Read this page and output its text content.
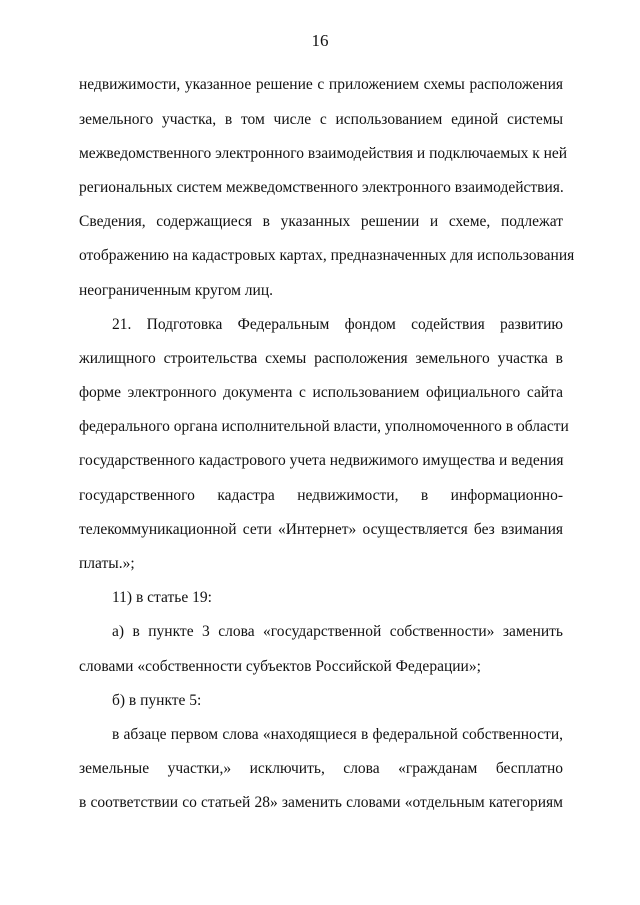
16
недвижимости, указанное решение с приложением схемы расположения
земельного участка, в том числе с использованием единой системы
межведомственного электронного взаимодействия и подключаемых к ней
региональных систем межведомственного электронного взаимодействия.
Сведения, содержащиеся в указанных решении и схеме, подлежат
отображению на кадастровых картах, предназначенных для использования
неограниченным кругом лиц.
21. Подготовка Федеральным фондом содействия развитию
жилищного строительства схемы расположения земельного участка в
форме электронного документа с использованием официального сайта
федерального органа исполнительной власти, уполномоченного в области
государственного кадастрового учета недвижимого имущества и ведения
государственного кадастра недвижимости, в информационно-
телекоммуникационной сети «Интернет» осуществляется без взимания
платы.»;
11) в статье 19:
а) в пункте 3 слова «государственной собственности» заменить
словами «собственности субъектов Российской Федерации»;
б) в пункте 5:
в абзаце первом слова «находящиеся в федеральной собственности,
земельные участки,» исключить, слова «гражданам бесплатно
в соответствии со статьей 28» заменить словами «отдельным категориям
